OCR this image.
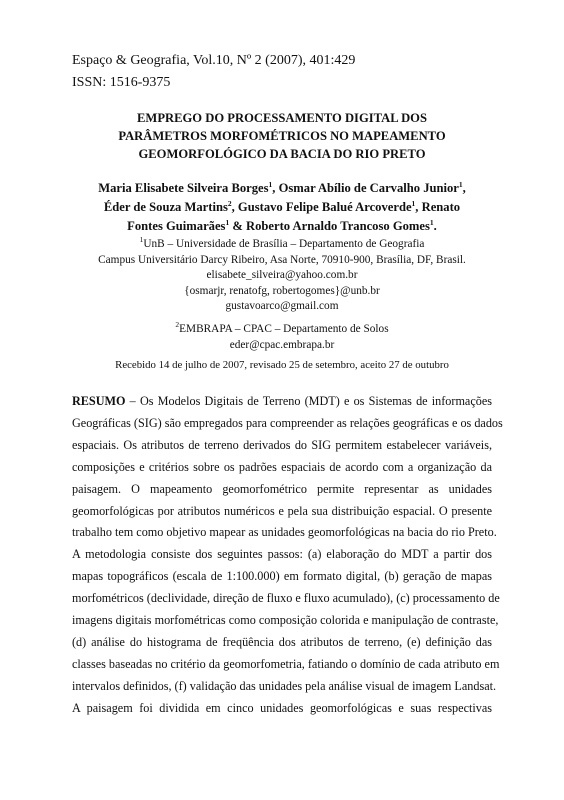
Espaço & Geografia, Vol.10, Nº 2 (2007), 401:429
ISSN: 1516-9375
EMPREGO DO PROCESSAMENTO DIGITAL DOS
PARÂMETROS MORFOMÉTRICOS NO MAPEAMENTO
GEOMORFOLÓGICO DA BACIA DO RIO PRETO
Maria Elisabete Silveira Borges$^1$, Osmar Abílio de Carvalho Junior$^1$,
Éder de Souza Martins$^2$, Gustavo Felipe Balué Arcoverde$^1$, Renato
Fontes Guimarães$^1$ & Roberto Arnaldo Trancoso Gomes$^1$.
$^1$UnB – Universidade de Brasília – Departamento de Geografia
Campus Universitário Darcy Ribeiro, Asa Norte, 70910-900, Brasília, DF, Brasil.
elisabete_silveira@yahoo.com.br
{osmarjr, renatofg, robertogomes}@unb.br
gustavoarco@gmail.com
$^2$EMBRAPA – CPAC – Departamento de Solos
eder@cpac.embrapa.br
Recebido 14 de julho de 2007, revisado 25 de setembro, aceito 27 de outubro
RESUMO – Os Modelos Digitais de Terreno (MDT) e os Sistemas de informações
Geográficas (SIG) são empregados para compreender as relações geográficas e os dados
espaciais. Os atributos de terreno derivados do SIG permitem estabelecer variáveis,
composições e critérios sobre os padrões espaciais de acordo com a organização da
paisagem. O mapeamento geomorfométrico permite representar as unidades
geomorfológicas por atributos numéricos e pela sua distribuição espacial. O presente
trabalho tem como objetivo mapear as unidades geomorfológicas na bacia do rio Preto.
A metodologia consiste dos seguintes passos: (a) elaboração do MDT a partir dos
mapas topográficos (escala de 1:100.000) em formato digital, (b) geração de mapas
morfométricos (declividade, direção de fluxo e fluxo acumulado), (c) processamento de
imagens digitais morfométricas como composição colorida e manipulação de contraste,
(d) análise do histograma de freqüência dos atributos de terreno, (e) definição das
classes baseadas no critério da geomorfometria, fatiando o domínio de cada atributo em
intervalos definidos, (f) validação das unidades pela análise visual de imagem Landsat.
A paisagem foi dividida em cinco unidades geomorfológicas e suas respectivas
